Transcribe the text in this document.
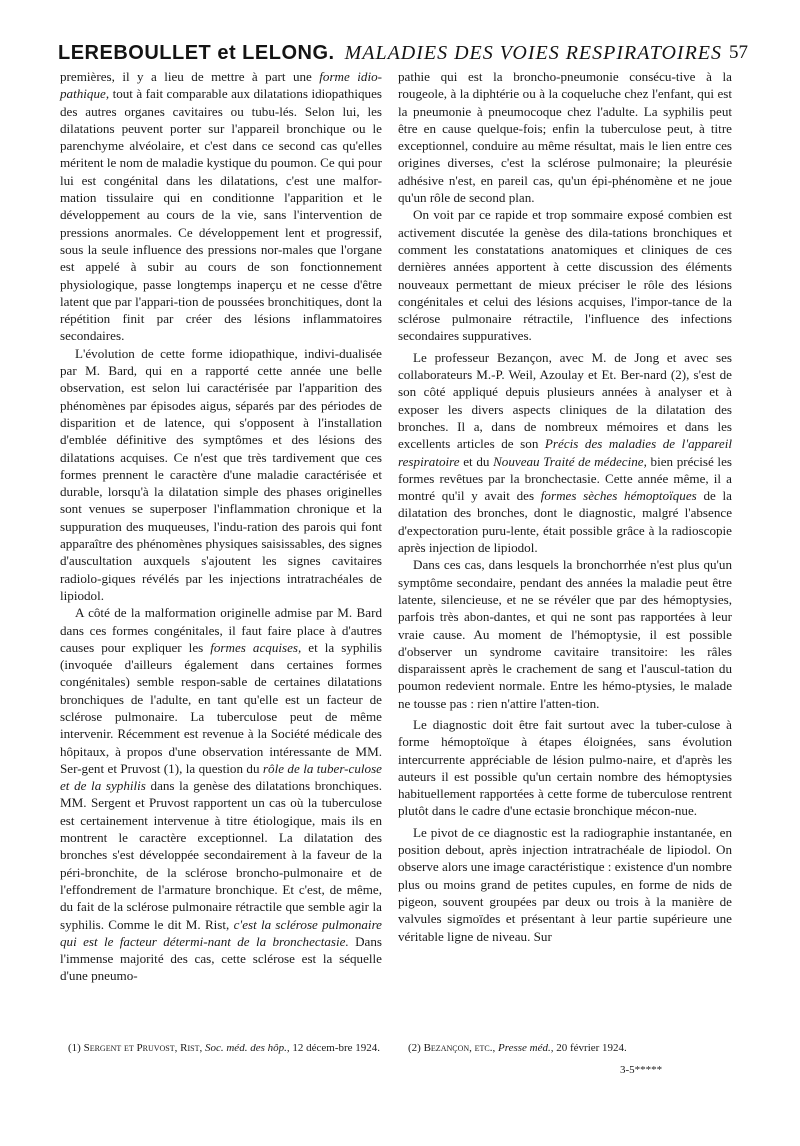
LEREBOULLET et LELONG. MALADIES DES VOIES RESPIRATOIRES 57

premières, il y a lieu de mettre à part une forme idio-pathique, tout à fait comparable aux dilatations idiopathiques des autres organes cavitaires ou tubu-lés. Selon lui, les dilatations peuvent porter sur l'appareil bronchique ou le parenchyme alvéolaire, et c'est dans ce second cas qu'elles méritent le nom de maladie kystique du poumon. Ce qui pour lui est congénital dans les dilatations, c'est une malfor-mation tissulaire qui en conditionne l'apparition et le développement au cours de la vie, sans l'intervention de pressions anormales. Ce développement lent et progressif, sous la seule influence des pressions nor-males que l'organe est appelé à subir au cours de son fonctionnement physiologique, passe longtemps inaperçu et ne cesse d'être latent que par l'appari-tion de poussées bronchitiques, dont la répétition finit par créer des lésions inflammatoires secondaires.

L'évolution de cette forme idiopathique, indivi-dualisée par M. Bard, qui en a rapporté cette année une belle observation, est selon lui caractérisée par l'apparition des phénomènes par épisodes aigus, séparés par des périodes de disparition et de latence, qui s'opposent à l'installation d'emblée définitive des symptômes et des lésions des dilatations acquises. Ce n'est que très tardivement que ces formes prennent le caractère d'une maladie caractérisée et durable, lorsqu'à la dilatation simple des phases originelles sont venues se superposer l'inflammation chronique et la suppuration des muqueuses, l'indu-ration des parois qui font apparaître des phénomènes physiques saisissables, des signes d'auscultation auxquels s'ajoutent les signes cavitaires radiolo-giques révélés par les injections intratrachéales de lipiodol.

A côté de la malformation originelle admise par M. Bard dans ces formes congénitales, il faut faire place à d'autres causes pour expliquer les formes acquises, et la syphilis (invoquée d'ailleurs également dans certaines formes congénitales) semble respon-sable de certaines dilatations bronchiques de l'adulte, en tant qu'elle est un facteur de sclérose pulmonaire. La tuberculose peut de même intervenir. Récemment est revenue à la Société médicale des hôpitaux, à propos d'une observation intéressante de MM. Ser-gent et Pruvost (1), la question du rôle de la tuber-culose et de la syphilis dans la genèse des dilatations bronchiques. MM. Sergent et Pruvost rapportent un cas où la tuberculose est certainement intervenue à titre étiologique, mais ils en montrent le caractère exceptionnel. La dilatation des bronches s'est développée secondairement à la faveur de la péri-bronchite, de la sclérose broncho-pulmonaire et de l'effondrement de l'armature bronchique. Et c'est, de même, du fait de la sclérose pulmonaire rétractile que semble agir la syphilis. Comme le dit M. Rist, c'est la sclérose pulmonaire qui est le facteur détermi-nant de la bronchectasie. Dans l'immense majorité des cas, cette sclérose est la séquelle d'une pneumo-

pathie qui est la broncho-pneumonie consécu-tive à la rougeole, à la diphtérie ou à la coqueluche chez l'enfant, qui est la pneumonie à pneumocoque chez l'adulte. La syphilis peut être en cause quelque-fois; enfin la tuberculose peut, à titre exceptionnel, conduire au même résultat, mais le lien entre ces origines diverses, c'est la sclérose pulmonaire; la pleurésie adhésive n'est, en pareil cas, qu'un épi-phénomène et ne joue qu'un rôle de second plan.

On voit par ce rapide et trop sommaire exposé combien est activement discutée la genèse des dila-tations bronchiques et comment les constatations anatomiques et cliniques de ces dernières années apportent à cette discussion des éléments nouveaux permettant de mieux préciser le rôle des lésions congénitales et celui des lésions acquises, l'impor-tance de la sclérose pulmonaire rétractile, l'influence des infections secondaires suppuratives.

Le professeur Bezançon, avec M. de Jong et avec ses collaborateurs M.-P. Weil, Azoulay et Et. Ber-nard (2), s'est de son côté appliqué depuis plusieurs années à analyser et à exposer les divers aspects cliniques de la dilatation des bronches. Il a, dans de nombreux mémoires et dans les excellents articles de son Précis des maladies de l'appareil respiratoire et du Nouveau Traité de médecine, bien précisé les formes revêtues par la bronchectasie. Cette année même, il a montré qu'il y avait des formes sèches hémoptoïques de la dilatation des bronches, dont le diagnostic, malgré l'absence d'expectoration puru-lente, était possible grâce à la radioscopie après injection de lipiodol.

Dans ces cas, dans lesquels la bronchorrhée n'est plus qu'un symptôme secondaire, pendant des années la maladie peut être latente, silencieuse, et ne se révéler que par des hémoptysies, parfois très abon-dantes, et qui ne sont pas rapportées à leur vraie cause. Au moment de l'hémoptysie, il est possible d'observer un syndrome cavitaire transitoire: les râles disparaissent après le crachement de sang et l'auscul-tation du poumon redevient normale. Entre les hémo-ptysies, le malade ne tousse pas : rien n'attire l'atten-tion.

Le diagnostic doit être fait surtout avec la tuber-culose à forme hémoptoïque à étapes éloignées, sans évolution intercurrente appréciable de lésion pulmo-naire, et d'après les auteurs il est possible qu'un certain nombre des hémoptysies habituellement rapportées à cette forme de tuberculose rentrent plutôt dans le cadre d'une ectasie bronchique mécon-nue.

Le pivot de ce diagnostic est la radiographie instantanée, en position debout, après injection intratrachéale de lipiodol. On observe alors une image caractéristique : existence d'un nombre plus ou moins grand de petites cupules, en forme de nids de pigeon, souvent groupées par deux ou trois à la manière de valvules sigmoïdes et présentant à leur partie supérieure une véritable ligne de niveau. Sur

(1) Sergent et Pruvost, Rist, Soc. méd. des hôp., 12 décem-bre 1924.	(2) Bezançon, etc., Presse méd., 20 février 1924.
3-5*****
